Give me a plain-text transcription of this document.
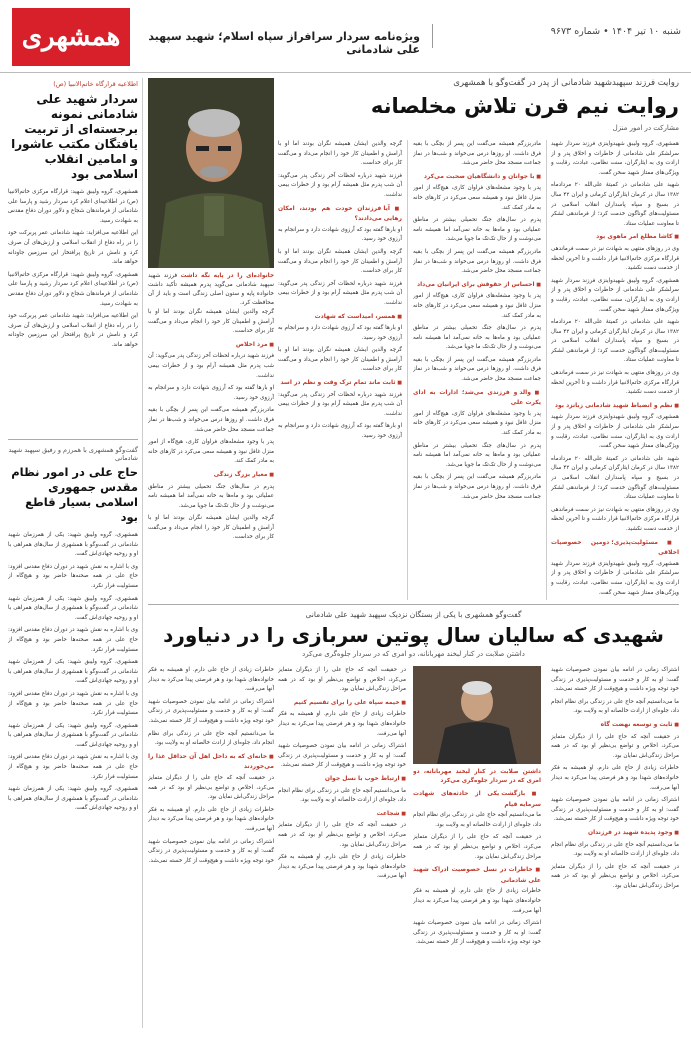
همشهری	ویژه‌نامه سردار سرافراز سپاه اسلام؛ شهید سپهبد علی شادمانی
شنبه ۱۰ تیر ۱۴۰۴ • شماره ۹۶۷۳
روایت فرزند سپهبدشهید شادمانی از پدر در گفت‌وگو با همشهری
روایت نیم قرن تلاش مخلصانه
مشارکت در امور منزل

همشهری، گروه ولیبق شهید‌واینزی فرزند سردار شهید سرلشکر علی شادمانی از خاطرات و اخلاق پدر و از ارادت وی به ایثارگران، سنت نظامی، عبادت، رقابت و ویژگی‌های ممتاز شهید سخن گفت.

شهید علی شادمانی در کمیتۀ علی‌الله ۲۰ مردادماه ۱۳۸۲ سال در کرمان ایثارگران کرمانی و ایران ۴۲ سال در بسیج و سپاه پاسداران انقلاب اسلامی در مسئولیت‌های گوناگون خدمت کرد؛ از فرماندهی لشکر تا معاونت عملیات ستاد.

■ کاشا مطلع امر ماهوی بود

وی در روزهای منتهی به شهادت نیز در سمت فرماندهی قرارگاه مرکزی خاتم‌الانبیا قرار داشت و تا آخرین لحظه از خدمت دست نکشید.

همشهری، گروه ولیبق شهید‌واینزی فرزند سردار شهید سرلشکر علی شادمانی از خاطرات و اخلاق پدر و از ارادت وی به ایثارگران، سنت نظامی، عبادت، رقابت و ویژگی‌های ممتاز شهید سخن گفت.

شهید علی شادمانی در کمیتۀ علی‌الله ۲۰ مردادماه ۱۳۸۲ سال در کرمان ایثارگران کرمانی و ایران ۴۲ سال در بسیج و سپاه پاسداران انقلاب اسلامی در مسئولیت‌های گوناگون خدمت کرد؛ از فرماندهی لشکر تا معاونت عملیات ستاد.

وی در روزهای منتهی به شهادت نیز در سمت فرماندهی قرارگاه مرکزی خاتم‌الانبیا قرار داشت و تا آخرین لحظه از خدمت دست نکشید.

■ نظم و انضباط شهید شادمانی زبانزد بود

همشهری، گروه ولیبق شهید‌واینزی فرزند سردار شهید سرلشکر علی شادمانی از خاطرات و اخلاق پدر و از ارادت وی به ایثارگران، سنت نظامی، عبادت، رقابت و ویژگی‌های ممتاز شهید سخن گفت.

شهید علی شادمانی در کمیتۀ علی‌الله ۲۰ مردادماه ۱۳۸۲ سال در کرمان ایثارگران کرمانی و ایران ۴۲ سال در بسیج و سپاه پاسداران انقلاب اسلامی در مسئولیت‌های گوناگون خدمت کرد؛ از فرماندهی لشکر تا معاونت عملیات ستاد.

وی در روزهای منتهی به شهادت نیز در سمت فرماندهی قرارگاه مرکزی خاتم‌الانبیا قرار داشت و تا آخرین لحظه از خدمت دست نکشید.

■ مسئولیت‌پذیری؛ دومین خصوصیات اخلاقی

همشهری، گروه ولیبق شهید‌واینزی فرزند سردار شهید سرلشکر علی شادمانی از خاطرات و اخلاق پدر و از ارادت وی به ایثارگران، سنت نظامی، عبادت، رقابت و ویژگی‌های ممتاز شهید سخن گفت.

مادربزرگم همیشه می‌گفت این پسر از بچگی با بقیه فرق داشت. او روزها درس می‌خواند و شب‌ها در نماز جماعت مسجد محل حاضر می‌شد.

■ با جوانان و دانشگاهیان صحبت می‌کرد

پدر با وجود مشغله‌های فراوان کاری، هیچ‌گاه از امور منزل غافل نبود و همیشه سعی می‌کرد در کارهای خانه به مادر کمک کند.

پدرم در سال‌های جنگ تحمیلی بیشتر در مناطق عملیاتی بود و ماه‌ها به خانه نمی‌آمد اما همیشه نامه می‌نوشت و از حال تک‌تک ما جویا می‌شد.

مادربزرگم همیشه می‌گفت این پسر از بچگی با بقیه فرق داشت. او روزها درس می‌خواند و شب‌ها در نماز جماعت مسجد محل حاضر می‌شد.

■ احساس از حقوقش برای ایرانیان می‌داد

پدر با وجود مشغله‌های فراوان کاری، هیچ‌گاه از امور منزل غافل نبود و همیشه سعی می‌کرد در کارهای خانه به مادر کمک کند.

پدرم در سال‌های جنگ تحمیلی بیشتر در مناطق عملیاتی بود و ماه‌ها به خانه نمی‌آمد اما همیشه نامه می‌نوشت و از حال تک‌تک ما جویا می‌شد.

مادربزرگم همیشه می‌گفت این پسر از بچگی با بقیه فرق داشت. او روزها درس می‌خواند و شب‌ها در نماز جماعت مسجد محل حاضر می‌شد.

■ والد و فرزندی می‌شد؛ ادارات به ادای یکرت علی

پدر با وجود مشغله‌های فراوان کاری، هیچ‌گاه از امور منزل غافل نبود و همیشه سعی می‌کرد در کارهای خانه به مادر کمک کند.

پدرم در سال‌های جنگ تحمیلی بیشتر در مناطق عملیاتی بود و ماه‌ها به خانه نمی‌آمد اما همیشه نامه می‌نوشت و از حال تک‌تک ما جویا می‌شد.

مادربزرگم همیشه می‌گفت این پسر از بچگی با بقیه فرق داشت. او روزها درس می‌خواند و شب‌ها در نماز جماعت مسجد محل حاضر می‌شد.

گرچه والدین ایشان همیشه نگران بودند اما او با آرامش و اطمینان کار خود را انجام می‌داد و می‌گفت کار برای خداست.

فرزند شهید درباره لحظات آخر زندگی پدر می‌گوید: آن شب پدرم مثل همیشه آرام بود و از خطرات بیمی نداشت.

■ آیا فرزندان خودت هم بودند، امکان رهایی می‌دادند؟

او بارها گفته بود که آرزوی شهادت دارد و سرانجام به آرزوی خود رسید.

گرچه والدین ایشان همیشه نگران بودند اما او با آرامش و اطمینان کار خود را انجام می‌داد و می‌گفت کار برای خداست.

فرزند شهید درباره لحظات آخر زندگی پدر می‌گوید: آن شب پدرم مثل همیشه آرام بود و از خطرات بیمی نداشت.

■ همسر، امیداست که شهادت

او بارها گفته بود که آرزوی شهادت دارد و سرانجام به آرزوی خود رسید.

گرچه والدین ایشان همیشه نگران بودند اما او با آرامش و اطمینان کار خود را انجام می‌داد و می‌گفت کار برای خداست.

■ ثابت ماند تمام ترک وقت و نظم در اسد

فرزند شهید درباره لحظات آخر زندگی پدر می‌گوید: آن شب پدرم مثل همیشه آرام بود و از خطرات بیمی نداشت.

او بارها گفته بود که آرزوی شهادت دارد و سرانجام به آرزوی خود رسید.

خانواده‌ای را در پایه نگه داشت فرزند شهید سپهبد شادمانی می‌گوید پدرم همیشه تأکید داشت خانواده پایه و ستون اصلی زندگی است و باید از آن محافظت کرد.

گرچه والدین ایشان همیشه نگران بودند اما او با آرامش و اطمینان کار خود را انجام می‌داد و می‌گفت کار برای خداست.

■ مرد اخلاص

فرزند شهید درباره لحظات آخر زندگی پدر می‌گوید: آن شب پدرم مثل همیشه آرام بود و از خطرات بیمی نداشت.

او بارها گفته بود که آرزوی شهادت دارد و سرانجام به آرزوی خود رسید.

مادربزرگم همیشه می‌گفت این پسر از بچگی با بقیه فرق داشت. او روزها درس می‌خواند و شب‌ها در نماز جماعت مسجد محل حاضر می‌شد.

پدر با وجود مشغله‌های فراوان کاری، هیچ‌گاه از امور منزل غافل نبود و همیشه سعی می‌کرد در کارهای خانه به مادر کمک کند.

■ معیار بزرگ زندگی

پدرم در سال‌های جنگ تحمیلی بیشتر در مناطق عملیاتی بود و ماه‌ها به خانه نمی‌آمد اما همیشه نامه می‌نوشت و از حال تک‌تک ما جویا می‌شد.

گرچه والدین ایشان همیشه نگران بودند اما او با آرامش و اطمینان کار خود را انجام می‌داد و می‌گفت کار برای خداست.

اطلاعیه قرارگاه خاتم‌الانبیا (ص)
سردار شهید علی شادمانی نمونه برجسته‌ای از تربیت یافتگان مکتب عاشورا و امامین انقلاب اسلامی بود

همشهری، گروه ولیبق شهید: قرارگاه مرکزی خاتم‌الانبیا (ص) در اطلاعیه‌ای اعلام کرد سردار رشید و پارسا علی شادمانی از فرماندهان شجاع و دلاور دوران دفاع مقدس به شهادت رسید.

این اطلاعیه می‌افزاید: شهید شادمانی عمر پربرکت خود را در راه دفاع از انقلاب اسلامی و ارزش‌های آن صرف کرد و نامش در تاریخ پرافتخار این سرزمین جاودانه خواهد ماند.

همشهری، گروه ولیبق شهید: قرارگاه مرکزی خاتم‌الانبیا (ص) در اطلاعیه‌ای اعلام کرد سردار رشید و پارسا علی شادمانی از فرماندهان شجاع و دلاور دوران دفاع مقدس به شهادت رسید.

این اطلاعیه می‌افزاید: شهید شادمانی عمر پربرکت خود را در راه دفاع از انقلاب اسلامی و ارزش‌های آن صرف کرد و نامش در تاریخ پرافتخار این سرزمین جاودانه خواهد ماند.

گفت‌وگو همشهری با همرزم و رفیق سپهبد شهید شادمانی
حاج علی در امور نظام مقدس جمهوری اسلامی بسیار قاطع بود

همشهری، گروه ولیبق شهید: یکی از همرزمان شهید شادمانی در گفت‌وگو با همشهری از سال‌های همراهی با او و روحیه جهادی‌اش گفت.

وی با اشاره به نقش شهید در دوران دفاع مقدس افزود: حاج علی در همه صحنه‌ها حاضر بود و هیچ‌گاه از مسئولیت فرار نکرد.

همشهری، گروه ولیبق شهید: یکی از همرزمان شهید شادمانی در گفت‌وگو با همشهری از سال‌های همراهی با او و روحیه جهادی‌اش گفت.

وی با اشاره به نقش شهید در دوران دفاع مقدس افزود: حاج علی در همه صحنه‌ها حاضر بود و هیچ‌گاه از مسئولیت فرار نکرد.

همشهری، گروه ولیبق شهید: یکی از همرزمان شهید شادمانی در گفت‌وگو با همشهری از سال‌های همراهی با او و روحیه جهادی‌اش گفت.

وی با اشاره به نقش شهید در دوران دفاع مقدس افزود: حاج علی در همه صحنه‌ها حاضر بود و هیچ‌گاه از مسئولیت فرار نکرد.

همشهری، گروه ولیبق شهید: یکی از همرزمان شهید شادمانی در گفت‌وگو با همشهری از سال‌های همراهی با او و روحیه جهادی‌اش گفت.

وی با اشاره به نقش شهید در دوران دفاع مقدس افزود: حاج علی در همه صحنه‌ها حاضر بود و هیچ‌گاه از مسئولیت فرار نکرد.

همشهری، گروه ولیبق شهید: یکی از همرزمان شهید شادمانی در گفت‌وگو با همشهری از سال‌های همراهی با او و روحیه جهادی‌اش گفت.

گفت‌وگو همشهری با یکی از بستگان نزدیک سپهبد شهید علی شادمانی
شهیدی که سالیان سال پوتین سربازی را در دنیاورد
داشتن صلابت در کنار لبخند مهربانانه، دو امری که در سردار جلوه‌گری می‌کرد

اشتراک زمانی در ادامه بیان نمودن خصوصیات شهید گفت: او به کار و خدمت و مسئولیت‌پذیری در زندگی خود توجه ویژه داشت و هیچ‌وقت از کار خسته نمی‌شد.

ما می‌دانستیم آنچه حاج علی در زندگی برای نظام انجام داد، جلوه‌ای از ارادت خالصانه او به ولایت بود.

■ ثابت و توسعه نهضت گاه

در حقیقت آنچه که حاج علی را از دیگران متمایز می‌کرد، اخلاص و تواضع بی‌نظیر او بود که در همه مراحل زندگی‌اش نمایان بود.

خاطرات زیادی از حاج علی دارم. او همیشه به فکر خانواده‌های شهدا بود و هر فرصتی پیدا می‌کرد به دیدار آنها می‌رفت.

اشتراک زمانی در ادامه بیان نمودن خصوصیات شهید گفت: او به کار و خدمت و مسئولیت‌پذیری در زندگی خود توجه ویژه داشت و هیچ‌وقت از کار خسته نمی‌شد.

■ وجود پدیده شهید در فرزندان

ما می‌دانستیم آنچه حاج علی در زندگی برای نظام انجام داد، جلوه‌ای از ارادت خالصانه او به ولایت بود.

در حقیقت آنچه که حاج علی را از دیگران متمایز می‌کرد، اخلاص و تواضع بی‌نظیر او بود که در همه مراحل زندگی‌اش نمایان بود.

داشتن صلابت در کنار لبخند مهربانانه، دو امری که در سردار جلوه‌گری می‌کرد
■ بازگشت یکی از حادثه‌های شهادت سرمایه قیام

ما می‌دانستیم آنچه حاج علی در زندگی برای نظام انجام داد، جلوه‌ای از ارادت خالصانه او به ولایت بود.

در حقیقت آنچه که حاج علی را از دیگران متمایز می‌کرد، اخلاص و تواضع بی‌نظیر او بود که در همه مراحل زندگی‌اش نمایان بود.

■ خاطرات در نسل خصوصیت ادراک شهید علی شادمانی

خاطرات زیادی از حاج علی دارم. او همیشه به فکر خانواده‌های شهدا بود و هر فرصتی پیدا می‌کرد به دیدار آنها می‌رفت.

اشتراک زمانی در ادامه بیان نمودن خصوصیات شهید گفت: او به کار و خدمت و مسئولیت‌پذیری در زندگی خود توجه ویژه داشت و هیچ‌وقت از کار خسته نمی‌شد.

در حقیقت آنچه که حاج علی را از دیگران متمایز می‌کرد، اخلاص و تواضع بی‌نظیر او بود که در همه مراحل زندگی‌اش نمایان بود.

■ خیمه سپاه علی را برای تقسیم کنیم

خاطرات زیادی از حاج علی دارم. او همیشه به فکر خانواده‌های شهدا بود و هر فرصتی پیدا می‌کرد به دیدار آنها می‌رفت.

اشتراک زمانی در ادامه بیان نمودن خصوصیات شهید گفت: او به کار و خدمت و مسئولیت‌پذیری در زندگی خود توجه ویژه داشت و هیچ‌وقت از کار خسته نمی‌شد.

■ ارتباط خوب با نسل جوان

ما می‌دانستیم آنچه حاج علی در زندگی برای نظام انجام داد، جلوه‌ای از ارادت خالصانه او به ولایت بود.

■ شجاعت

در حقیقت آنچه که حاج علی را از دیگران متمایز می‌کرد، اخلاص و تواضع بی‌نظیر او بود که در همه مراحل زندگی‌اش نمایان بود.

خاطرات زیادی از حاج علی دارم. او همیشه به فکر خانواده‌های شهدا بود و هر فرصتی پیدا می‌کرد به دیدار آنها می‌رفت.

خاطرات زیادی از حاج علی دارم. او همیشه به فکر خانواده‌های شهدا بود و هر فرصتی پیدا می‌کرد به دیدار آنها می‌رفت.

اشتراک زمانی در ادامه بیان نمودن خصوصیات شهید گفت: او به کار و خدمت و مسئولیت‌پذیری در زندگی خود توجه ویژه داشت و هیچ‌وقت از کار خسته نمی‌شد.

ما می‌دانستیم آنچه حاج علی در زندگی برای نظام انجام داد، جلوه‌ای از ارادت خالصانه او به ولایت بود.

■ خانه‌ای که به داخل اهل آن حداقل غذا را می‌خوردند

در حقیقت آنچه که حاج علی را از دیگران متمایز می‌کرد، اخلاص و تواضع بی‌نظیر او بود که در همه مراحل زندگی‌اش نمایان بود.

خاطرات زیادی از حاج علی دارم. او همیشه به فکر خانواده‌های شهدا بود و هر فرصتی پیدا می‌کرد به دیدار آنها می‌رفت.

اشتراک زمانی در ادامه بیان نمودن خصوصیات شهید گفت: او به کار و خدمت و مسئولیت‌پذیری در زندگی خود توجه ویژه داشت و هیچ‌وقت از کار خسته نمی‌شد.
